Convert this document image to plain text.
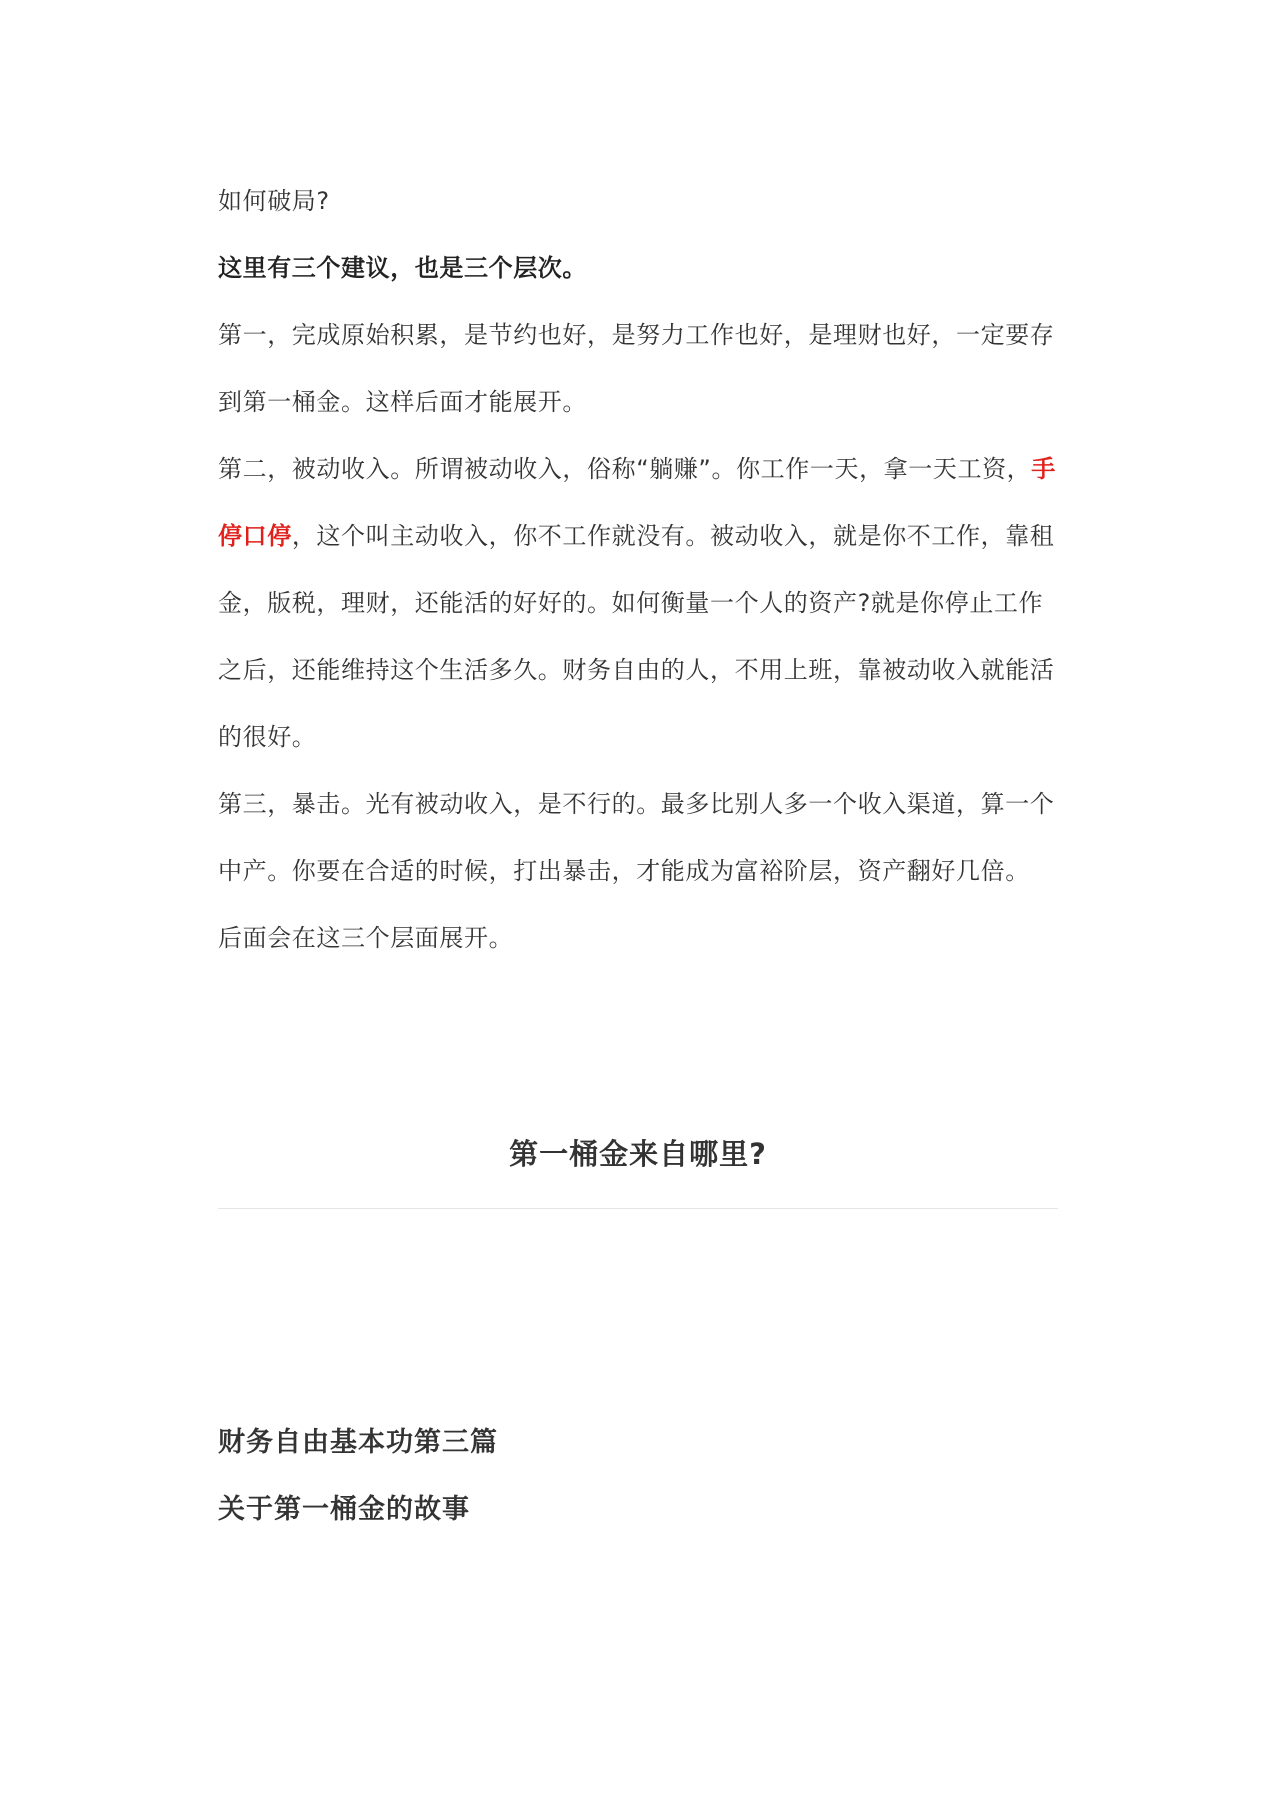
如何破局?

这里有三个建议，也是三个层次。

第一，完成原始积累，是节约也好，是努力工作也好，是理财也好，一定要存到第一桶金。这样后面才能展开。

第二，被动收入。所谓被动收入，俗称“躺赚”。你工作一天，拿一天工资，手停口停，这个叫主动收入，你不工作就没有。被动收入，就是你不工作，靠租金，版税，理财，还能活的好好的。如何衡量一个人的资产?就是你停止工作之后，还能维持这个生活多久。财务自由的人，不用上班，靠被动收入就能活的很好。

第三，暴击。光有被动收入，是不行的。最多比别人多一个收入渠道，算一个中产。你要在合适的时候，打出暴击，才能成为富裕阶层，资产翻好几倍。

后面会在这三个层面展开。

第一桶金来自哪里?

财务自由基本功第三篇

关于第一桶金的故事
